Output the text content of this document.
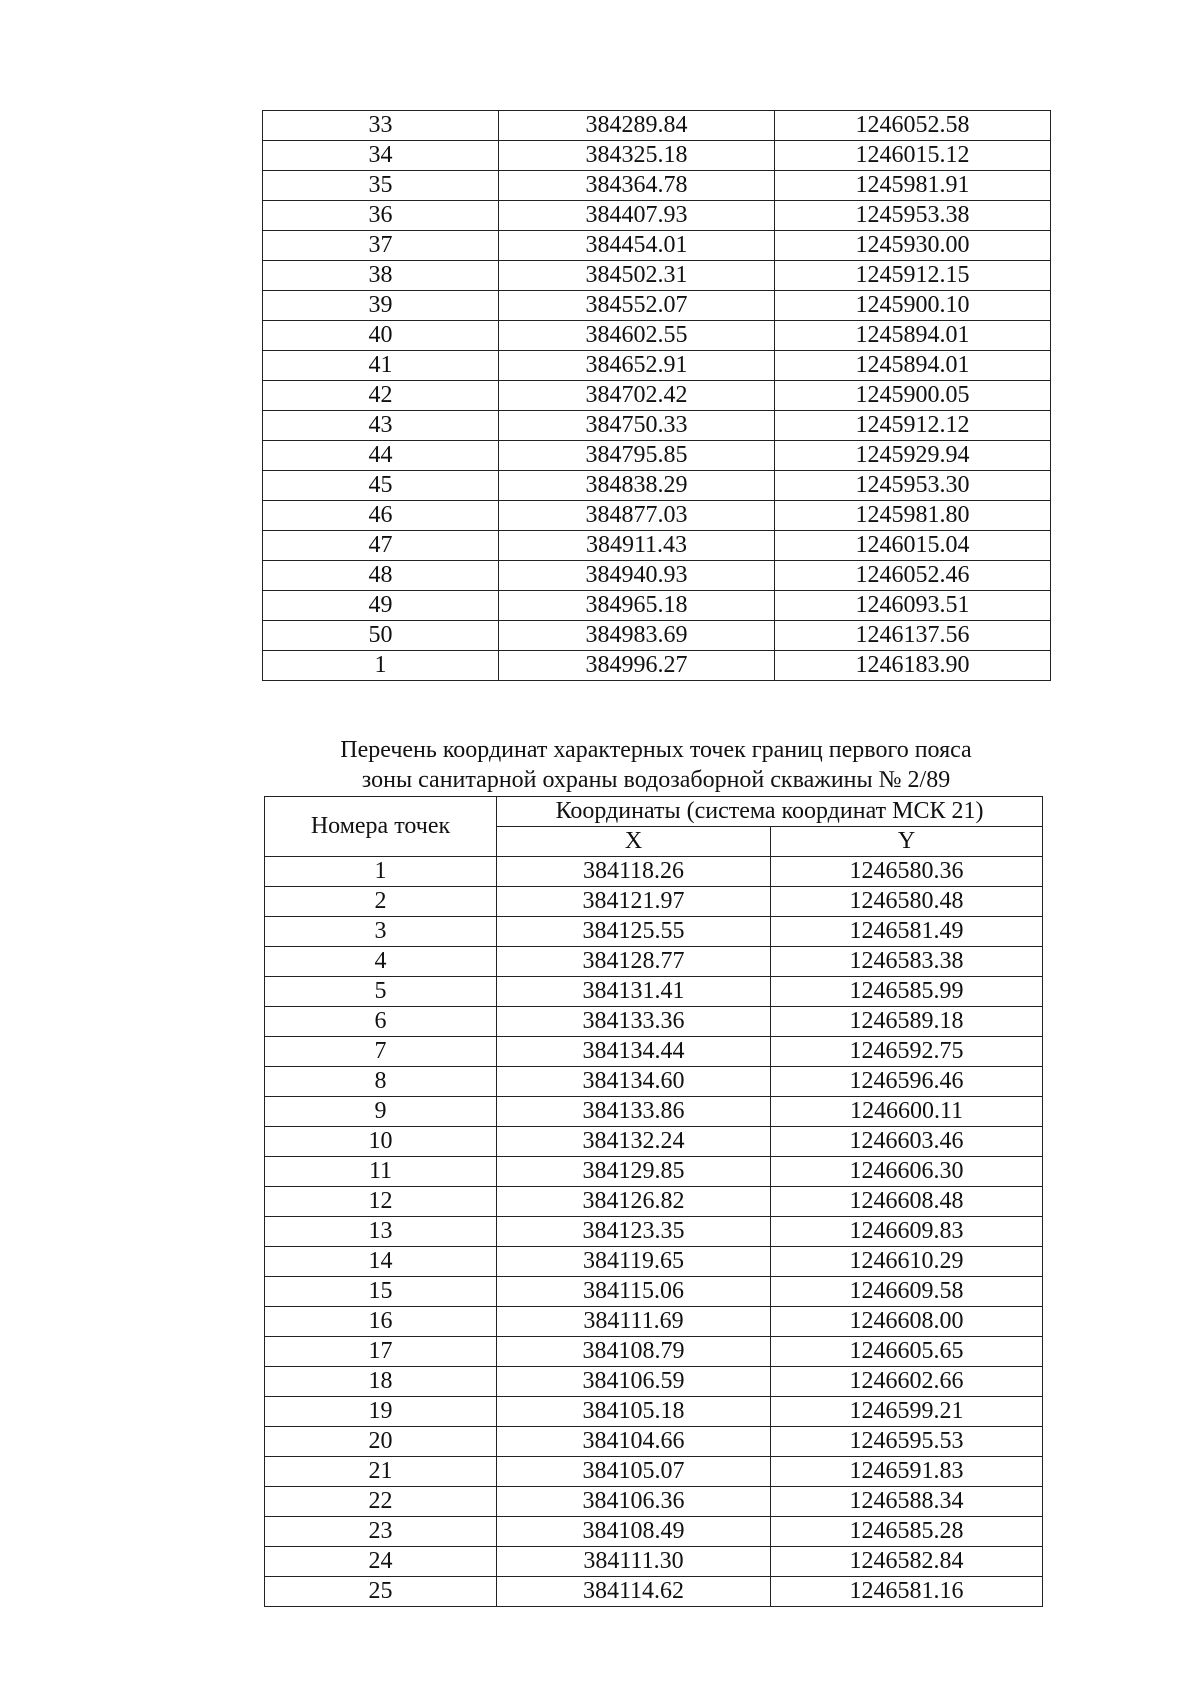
33	384289.84	1246052.58
34	384325.18	1246015.12
35	384364.78	1245981.91
36	384407.93	1245953.38
37	384454.01	1245930.00
38	384502.31	1245912.15
39	384552.07	1245900.10
40	384602.55	1245894.01
41	384652.91	1245894.01
42	384702.42	1245900.05
43	384750.33	1245912.12
44	384795.85	1245929.94
45	384838.29	1245953.30
46	384877.03	1245981.80
47	384911.43	1246015.04
48	384940.93	1246052.46
49	384965.18	1246093.51
50	384983.69	1246137.56
1	384996.27	1246183.90
Перечень координат характерных точек границ первого пояса
зоны санитарной охраны водозаборной скважины № 2/89
Номера точек	Координаты (система координат МСК 21)	
	X	Y
1	384118.26	1246580.36
2	384121.97	1246580.48
3	384125.55	1246581.49
4	384128.77	1246583.38
5	384131.41	1246585.99
6	384133.36	1246589.18
7	384134.44	1246592.75
8	384134.60	1246596.46
9	384133.86	1246600.11
10	384132.24	1246603.46
11	384129.85	1246606.30
12	384126.82	1246608.48
13	384123.35	1246609.83
14	384119.65	1246610.29
15	384115.06	1246609.58
16	384111.69	1246608.00
17	384108.79	1246605.65
18	384106.59	1246602.66
19	384105.18	1246599.21
20	384104.66	1246595.53
21	384105.07	1246591.83
22	384106.36	1246588.34
23	384108.49	1246585.28
24	384111.30	1246582.84
25	384114.62	1246581.16
